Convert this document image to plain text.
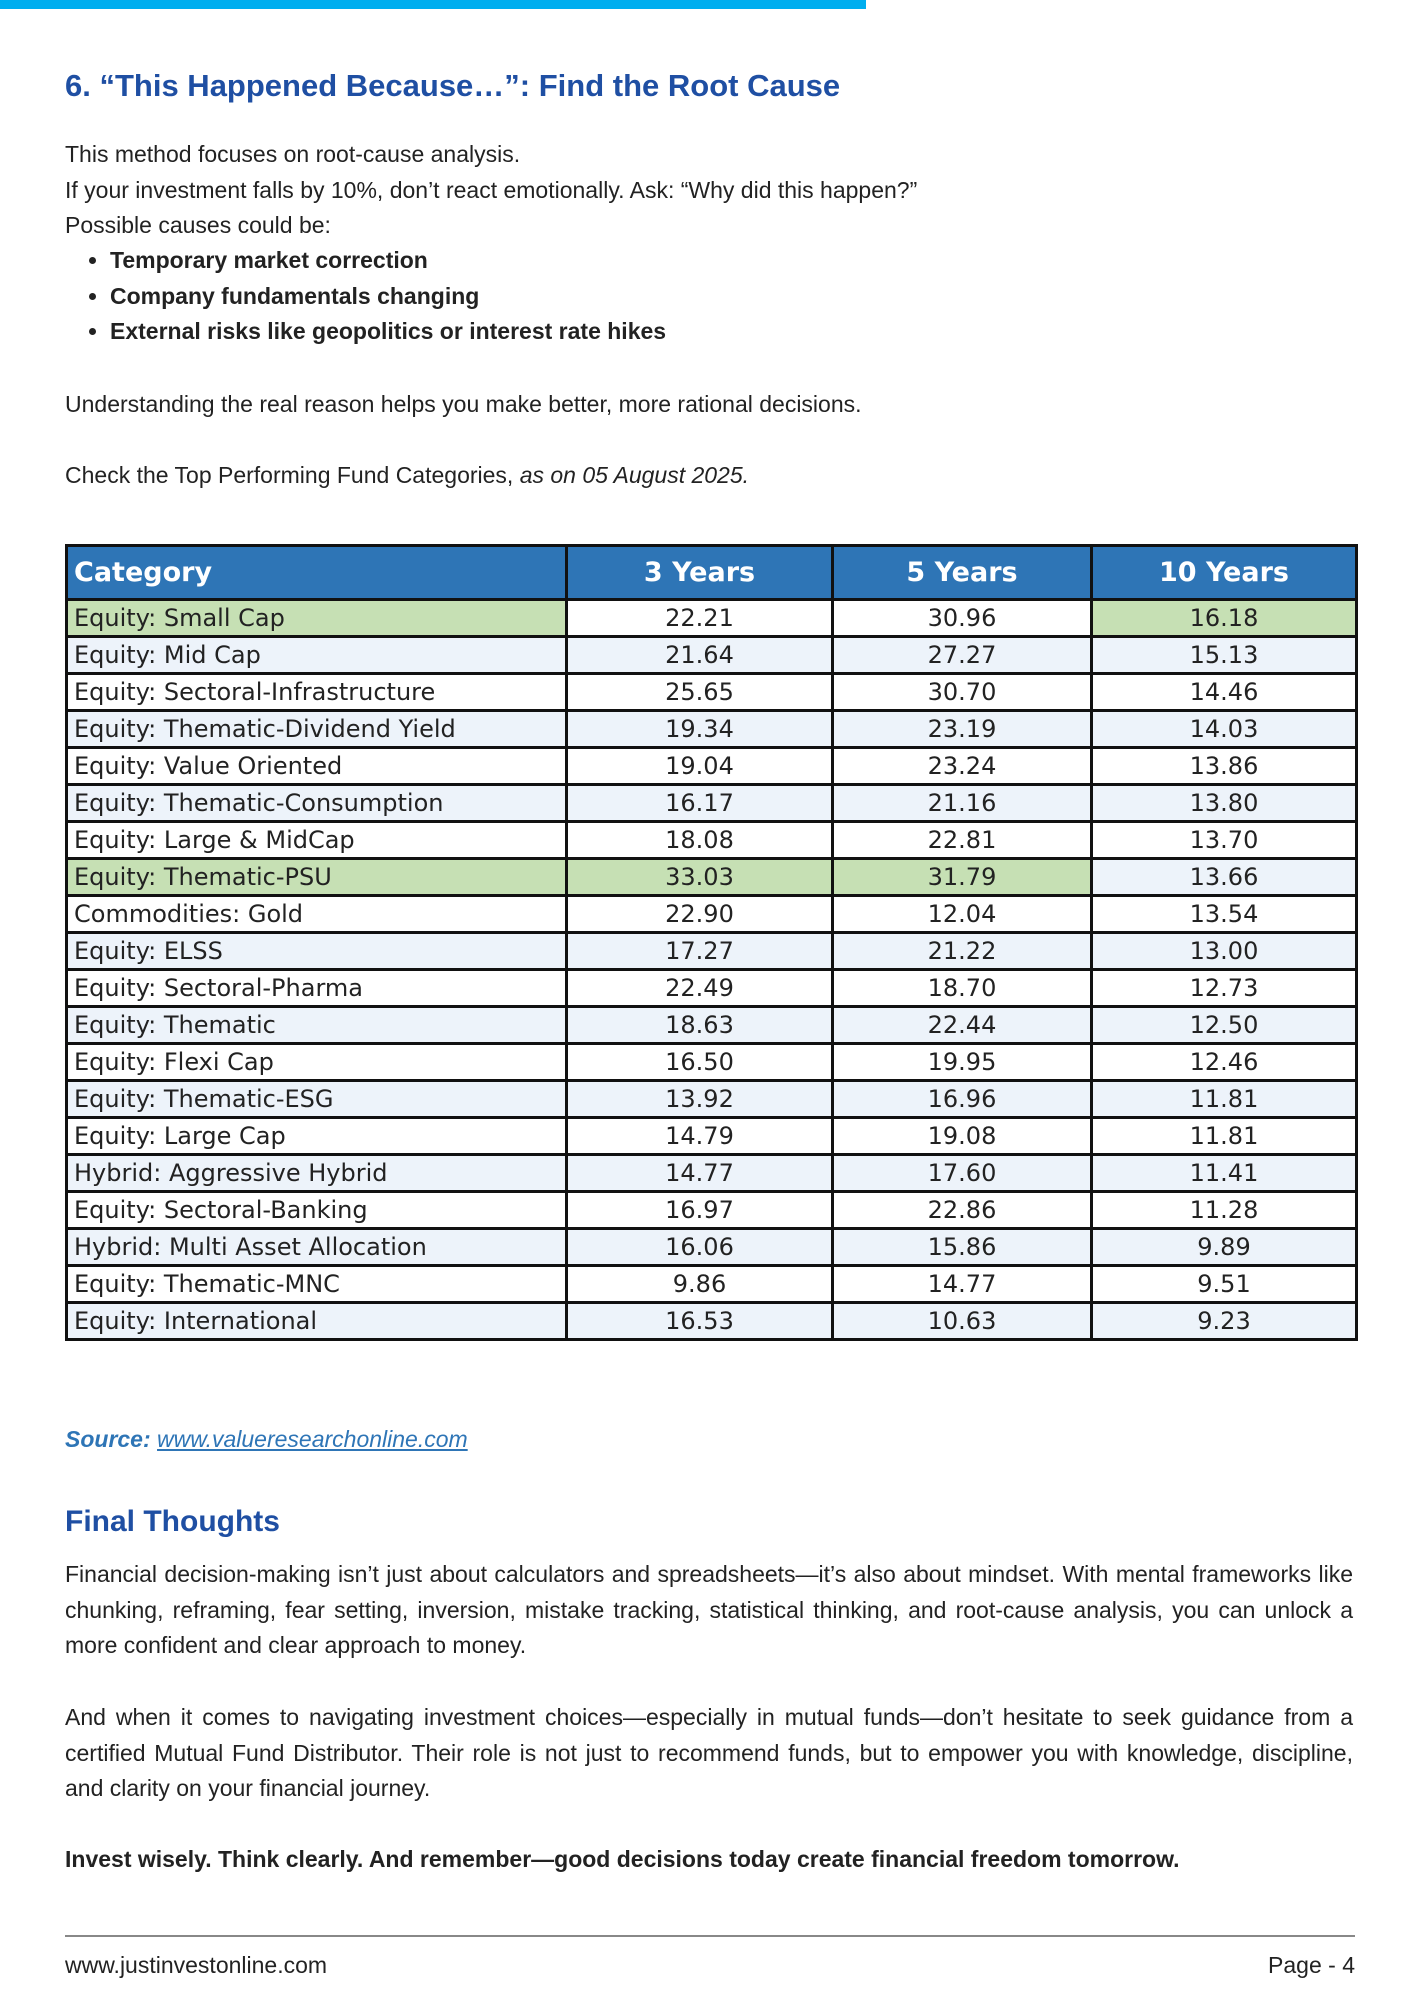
6. “This Happened Because…”: Find the Root Cause
This method focuses on root-cause analysis.
If your investment falls by 10%, don’t react emotionally. Ask: “Why did this happen?”
Possible causes could be:
• Temporary market correction
• Company fundamentals changing
• External risks like geopolitics or interest rate hikes

Understanding the real reason helps you make better, more rational decisions.

Check the Top Performing Fund Categories, as on 05 August 2025.

Category	3 Years	5 Years	10 Years
Equity: Small Cap	22.21	30.96	16.18
Equity: Mid Cap	21.64	27.27	15.13
Equity: Sectoral-Infrastructure	25.65	30.70	14.46
Equity: Thematic-Dividend Yield	19.34	23.19	14.03
Equity: Value Oriented	19.04	23.24	13.86
Equity: Thematic-Consumption	16.17	21.16	13.80
Equity: Large & MidCap	18.08	22.81	13.70
Equity: Thematic-PSU	33.03	31.79	13.66
Commodities: Gold	22.90	12.04	13.54
Equity: ELSS	17.27	21.22	13.00
Equity: Sectoral-Pharma	22.49	18.70	12.73
Equity: Thematic	18.63	22.44	12.50
Equity: Flexi Cap	16.50	19.95	12.46
Equity: Thematic-ESG	13.92	16.96	11.81
Equity: Large Cap	14.79	19.08	11.81
Hybrid: Aggressive Hybrid	14.77	17.60	11.41
Equity: Sectoral-Banking	16.97	22.86	11.28
Hybrid: Multi Asset Allocation	16.06	15.86	9.89
Equity: Thematic-MNC	9.86	14.77	9.51
Equity: International	16.53	10.63	9.23
Source: www.valueresearchonline.com
Final Thoughts

Financial decision-making isn’t just about calculators and spreadsheets—it’s also about mindset. With mental frameworks like chunking, reframing, fear setting, inversion, mistake tracking, statistical thinking, and root-cause analysis, you can unlock a more confident and clear approach to money.

And when it comes to navigating investment choices—especially in mutual funds—don’t hesitate to seek guidance from a certified Mutual Fund Distributor. Their role is not just to recommend funds, but to empower you with knowledge, discipline, and clarity on your financial journey.

Invest wisely. Think clearly. And remember—good decisions today create financial freedom tomorrow.

www.justinvestonline.com	Page - 4
